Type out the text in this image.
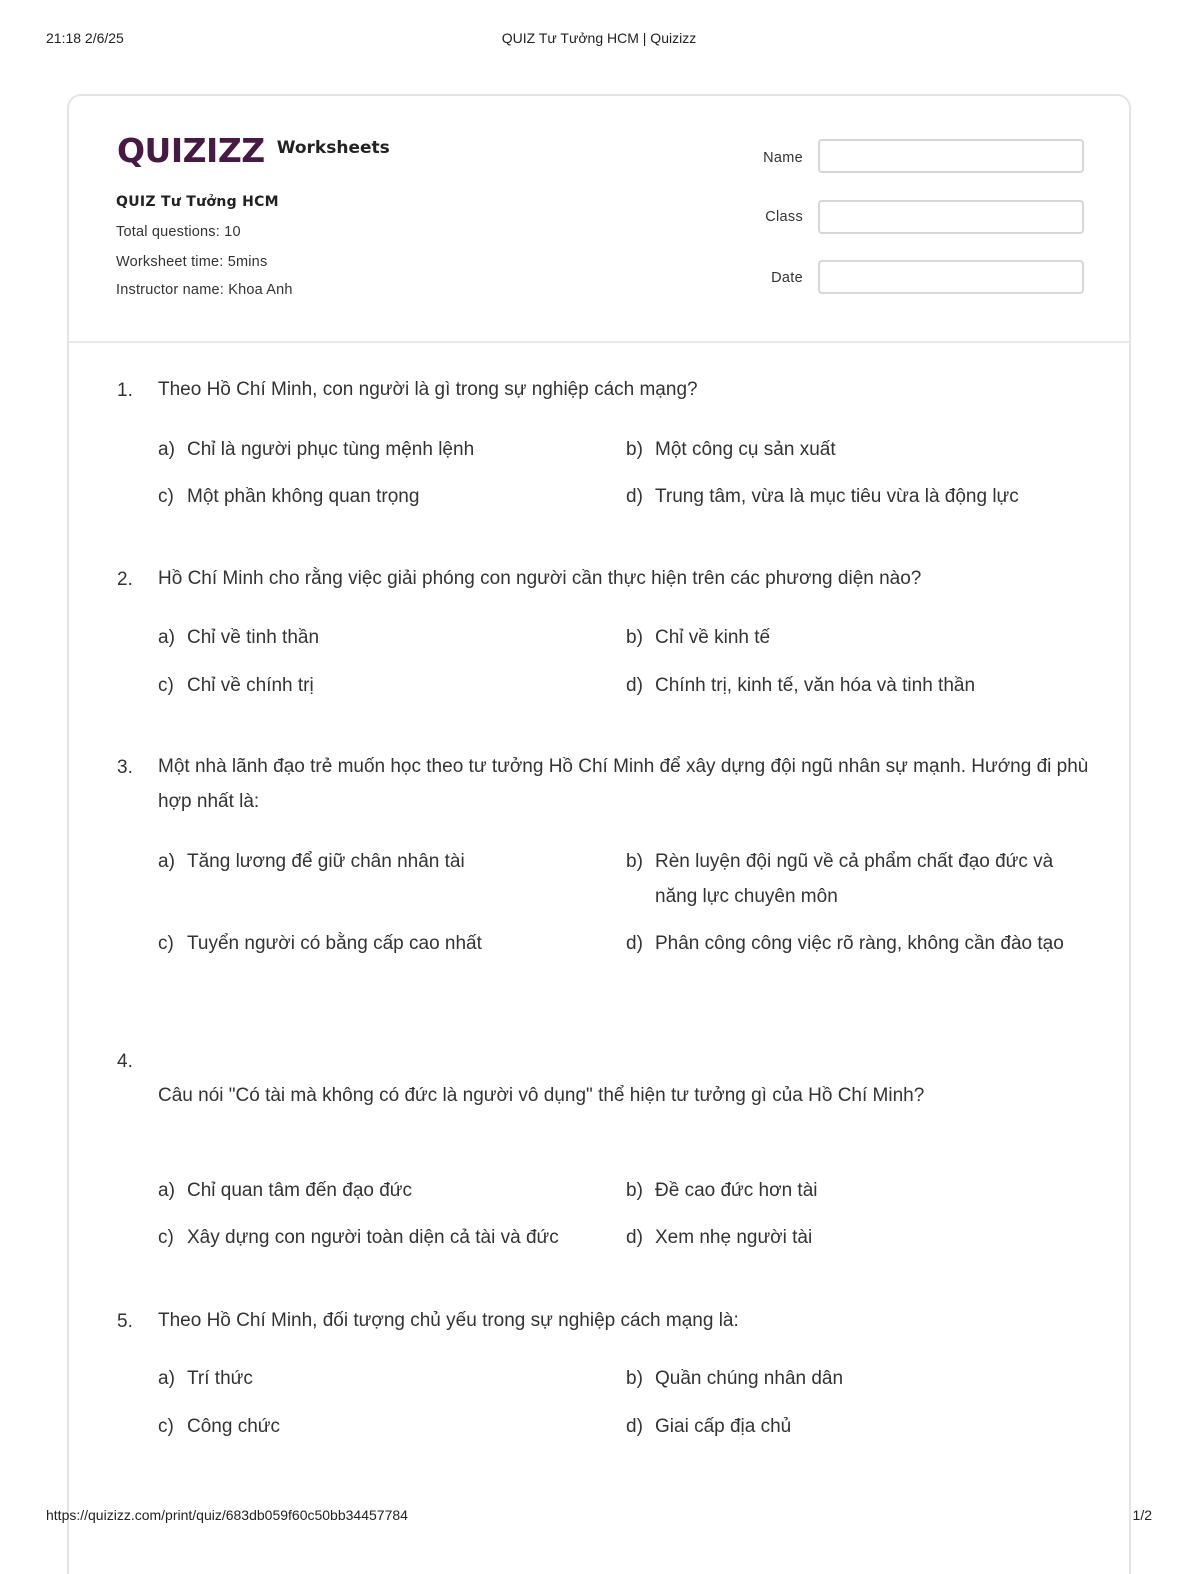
21:18 2/6/25	QUIZ Tư Tưởng HCM | Quizizz
QUIZIZZ Worksheets
QUIZ Tư Tưởng HCM
Total questions: 10
Worksheet time: 5mins
Instructor name: Khoa Anh
Name
Class
Date
1. Theo Hồ Chí Minh, con người là gì trong sự nghiệp cách mạng?
a) Chỉ là người phục tùng mệnh lệnh	b) Một công cụ sản xuất
c) Một phần không quan trọng	d) Trung tâm, vừa là mục tiêu vừa là động lực
2. Hồ Chí Minh cho rằng việc giải phóng con người cần thực hiện trên các phương diện nào?
a) Chỉ về tinh thần	b) Chỉ về kinh tế
c) Chỉ về chính trị	d) Chính trị, kinh tế, văn hóa và tinh thần
3. Một nhà lãnh đạo trẻ muốn học theo tư tưởng Hồ Chí Minh để xây dựng đội ngũ nhân sự mạnh. Hướng đi phù hợp nhất là:
a) Tăng lương để giữ chân nhân tài	b) Rèn luyện đội ngũ về cả phẩm chất đạo đức và năng lực chuyên môn
c) Tuyển người có bằng cấp cao nhất	d) Phân công công việc rõ ràng, không cần đào tạo
4.
Câu nói "Có tài mà không có đức là người vô dụng" thể hiện tư tưởng gì của Hồ Chí Minh?
a) Chỉ quan tâm đến đạo đức	b) Đề cao đức hơn tài
c) Xây dựng con người toàn diện cả tài và đức	d) Xem nhẹ người tài
5. Theo Hồ Chí Minh, đối tượng chủ yếu trong sự nghiệp cách mạng là:
a) Trí thức	b) Quần chúng nhân dân
c) Công chức	d) Giai cấp địa chủ
https://quizizz.com/print/quiz/683db059f60c50bb34457784	1/2
